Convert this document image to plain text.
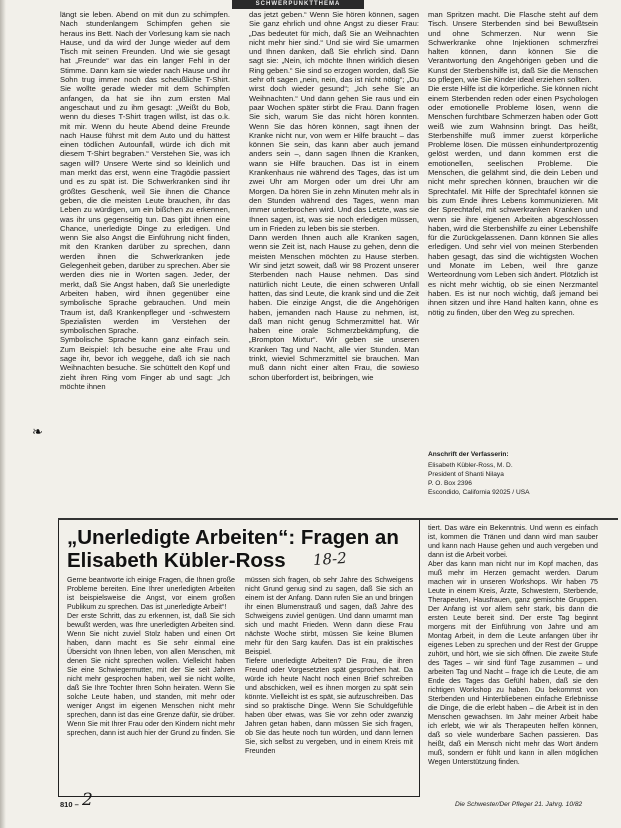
SCHWERPUNKTTHEMA

längt sie leben. Abend on mit dun zu schimpfen. Nach stundenlangem Schimpfen gehen sie heraus ins Bett. Nach der Vorlesung kam sie nach Hause, und da wird der Junge wieder auf dem Tisch mit seinen Freunden. Und wie sie gesagt hat „Freunde“ war das ein langer Fehl in der Stimme. Dann kam sie wieder nach Hause und ihr Sohn trug immer noch das scheußliche T-Shirt. Sie wollte gerade wieder mit dem Schimpfen anfangen, da hat sie ihn zum ersten Mal angeschaut und zu ihm gesagt: „Weißt du Bob, wenn du dieses T-Shirt tragen willst, ist das o.k. mit mir. Wenn du heute Abend deine Freunde nach Hause führst mit dem Auto und du hättest einen tödlichen Autounfall, würde ich dich mit diesem T-Shirt begraben.“ Verstehen Sie, was ich sagen will? Unsere Werte sind so kleinlich und man merkt das erst, wenn eine Tragödie passiert und es zu spät ist. Die Schwerkranken sind ihr größtes Geschenk, weil Sie ihnen die Chance geben, die die meisten Leute brauchen, ihr das Leben zu würdigen, um ein bißchen zu erkennen, was ihr uns gegenseitig tun. Das gibt ihnen eine Chance, unerledigte Dinge zu erledigen. Und wenn Sie also Angst die Einführung nicht finden, mit den Kranken darüber zu sprechen, dann werden ihnen die Schwerkranken jede Gelegenheit geben, darüber zu sprechen. Aber sie werden dies nie in Worten sagen. Jeder, der merkt, daß Sie Angst haben, daß Sie unerledigte Arbeiten haben, wird ihnen gegenüber eine symbolische Sprache gebrauchen. Und mein Traum ist, daß Krankenpfleger und -schwestern Spezialisten werden im Verstehen der symbolischen Sprache.

Symbolische Sprache kann ganz einfach sein. Zum Beispiel: Ich besuche eine alte Frau und sage ihr, bevor ich weggehe, daß ich sie nach Weihnachten besuche. Sie schüttelt den Kopf und zieht ihren Ring vom Finger ab und sagt: „Ich möchte ihnen

❧

das jetzt geben.“ Wenn Sie hören können, sagen Sie ganz ehrlich und ohne Angst zu dieser Frau: „Das bedeutet für mich, daß Sie an Weihnachten nicht mehr hier sind.“ Und sie wird Sie umarmen und Ihnen danken, daß Sie ehrlich sind. Dann sagt sie: „Nein, ich möchte Ihnen wirklich diesen Ring geben.“ Sie sind so erzogen worden, daß Sie sehr oft sagen „nein, nein, das ist nicht nötig“; „Du wirst doch wieder gesund“; „Ich sehe Sie an Weihnachten.“ Und dann gehen Sie raus und ein paar Wochen später stirbt die Frau. Dann fragen Sie sich, warum Sie das nicht hören konnten. Wenn Sie das hören können, sagt ihnen der Kranke nicht nur, von wem er Hilfe braucht – das können Sie sein, das kann aber auch jemand anders sein –, dann sagen Ihnen die Kranken, wann sie Hilfe brauchen. Das ist in einem Krankenhaus nie während des Tages, das ist um zwei Uhr am Morgen oder um drei Uhr am Morgen. Da hören Sie in zehn Minuten mehr als in den Stunden während des Tages, wenn man immer unterbrochen wird. Und das Letzte, was sie Ihnen sagen, ist, was sie noch erledigen müssen, um in Frieden zu leben bis sie sterben.

Dann werden Ihnen auch alle Kranken sagen, wenn sie Zeit ist, nach Hause zu gehen, denn die meisten Menschen möchten zu Hause sterben. Wir sind jetzt soweit, daß wir 98 Prozent unserer Sterbenden nach Hause nehmen. Das sind natürlich nicht Leute, die einen schweren Unfall hatten, das sind Leute, die krank sind und die Zeit haben. Die einzige Angst, die die Angehörigen haben, jemanden nach Hause zu nehmen, ist, daß man nicht genug Schmerzmittel hat. Wir haben eine orale Schmerzbekämpfung, die „Brompton Mixtur“. Wir geben sie unseren Kranken Tag und Nacht, alle vier Stunden. Man trinkt, wieviel Schmerzmittel sie brauchen. Man muß dann nicht einer alten Frau, die sowieso schon überfordert ist, beibringen, wie

man Spritzen macht. Die Flasche steht auf dem Tisch. Unsere Sterbenden sind bei Bewußtsein und ohne Schmerzen. Nur wenn Sie Schwerkranke ohne Injektionen schmerzfrei halten können, dann können Sie die Verantwortung den Angehörigen geben und die Kunst der Sterbenshilfe ist, daß Sie die Menschen so pflegen, wie Sie Kinder ideal erziehen sollten.

Die erste Hilfe ist die körperliche. Sie können nicht einem Sterbenden reden oder einen Psychologen oder emotionelle Probleme lösen, wenn die Menschen furchtbare Schmerzen haben oder Gott weiß wie zum Wahnsinn bringt. Das heißt, Sterbenshilfe muß immer zuerst körperliche Probleme lösen. Die müssen einhundertprozentig gelöst werden, und dann kommen erst die emotionellen, seelischen Probleme. Die Menschen, die gelähmt sind, die dein Leben und nicht mehr sprechen können, brauchen wir die Sprechtafel. Mit Hilfe der Sprechtafel können sie bis zum Ende ihres Lebens kommunizieren. Mit der Sprechtafel, mit schwerkranken Kranken und wenn sie ihre eigenen Arbeiten abgeschlossen haben, wird die Sterbenshilfe zu einer Lebenshilfe für die Zurückgelassenen. Dann können Sie alles erledigen. Und sehr viel von meinen Sterbenden haben gesagt, das sind die wichtigsten Wochen und Monate im Leben, weil Ihre ganze Werteordnung vom Leben sich ändert. Plötzlich ist es nicht mehr wichtig, ob sie einen Nerzmantel haben. Es ist nur noch wichtig, daß jemand bei ihnen sitzen und ihre Hand halten kann, ohne es nötig zu finden, über den Weg zu sprechen.

Anschrift der Verfasserin:
Elisabeth Kübler-Ross, M. D.
President of Shanti Nilaya
P. O. Box 2396
Escondido, California 92025 / USA
„Unerledigte Arbeiten“: Fragen an Elisabeth Kübler-Ross	18-2

Gerne beantworte ich einige Fragen, die Ihnen große Probleme bereiten. Eine Ihrer unerledigten Arbeiten ist beispielsweise die Angst, vor einem großen Publikum zu sprechen. Das ist „unerledigte Arbeit“!

Der erste Schritt, das zu erkennen, ist, daß Sie sich bewußt werden, was Ihre unerledigten Arbeiten sind. Wenn Sie nicht zuviel Stolz haben und einen Ort haben, dann macht es Sie sehr einmal eine Übersicht von Ihnen leben, von allen Menschen, mit denen Sie nicht sprechen wollen. Vielleicht haben Sie eine Schwiegermutter, mit der Sie seit Jahren nicht mehr gesprochen haben, weil sie nicht wollte, daß Sie Ihre Tochter Ihren Sohn heiraten. Wenn Sie solche Leute haben, und standen, mit mehr oder weniger Angst im eigenen Menschen nicht mehr sprechen, dann ist das eine Grenze dafür, sie drüber. Wenn Sie mit Ihrer Frau oder den Kindern nicht mehr sprechen, dann ist auch hier der Grund zu finden. Sie

müssen sich fragen, ob sehr Jahre des Schweigens nicht Grund genug sind zu sagen, daß Sie sich an einem ist der Anfang. Dann rufen Sie an und bringen ihr einen Blumenstrauß und sagen, daß Jahre des Schweigens zuviel genügen. Und dann umarmt man sich und macht Frieden. Wenn dann diese Frau nächste Woche stirbt, müssen Sie keine Blumen mehr für den Sarg kaufen. Das ist ein praktisches Beispiel.

Tiefere unerledigte Arbeiten? Die Frau, die ihren Freund oder Vorgesetzten spät gesprochen hat. Da würde ich heute Nacht noch einen Brief schreiben und abschicken, weil es ihnen morgen zu spät sein könnte. Vielleicht ist es spät, sie aufzuschreiben. Das sind so praktische Dinge. Wenn Sie Schuldgefühle haben über etwas, was Sie vor zehn oder zwanzig Jahren getan haben, dann müssen Sie sich fragen, ob Sie das heute noch tun würden, und dann lernen Sie, sich selbst zu vergeben, und in einem Kreis mit Freunden

tiert. Das wäre ein Bekenntnis. Und wenn es einfach ist, kommen die Tränen und dann wird man sauber und kann nach Hause gehen und auch vergeben und dann ist die Arbeit vorbei.

Aber das kann man nicht nur im Kopf machen, das muß mehr im Herzen gemacht werden. Darum machen wir in unseren Workshops. Wir haben 75 Leute in einem Kreis, Ärzte, Schwestern, Sterbende, Therapeuten, Hausfrauen, ganz gemischte Gruppen. Der Anfang ist vor allem sehr stark, bis dann die ersten Leute bereit sind. Der erste Tag beginnt morgens mit der Einführung von Jahre und am Montag Arbeit, in dem die Leute anfangen über ihr eigenes Leben zu sprechen und der Rest der Gruppe zuhört, und hört, wie sie sich öffnen. Die zweite Stufe des Tages – wir sind fünf Tage zusammen – und arbeiten Tag und Nacht – frage ich die Leute, die am Ende des Tages das Gefühl haben, daß sie den richtigen Workshop zu haben. Du bekommst von Sterbenden und Hinterbliebenen einfache Erlebnisse die Dinge, die die erlebt haben – die Arbeit ist in den Menschen gewachsen. Im Jahr meiner Arbeit habe ich erlebt, wie wir als Therapeuten helfen können, daß so viele wunderbare Sachen passieren. Das heißt, daß ein Mensch nicht mehr das Wort ändern muß, sondern er fühlt und kann in allen möglichen Wegen Unterstützung finden.

810 – 2	Die Schwester/Der Pfleger 21. Jahrg. 10/82
